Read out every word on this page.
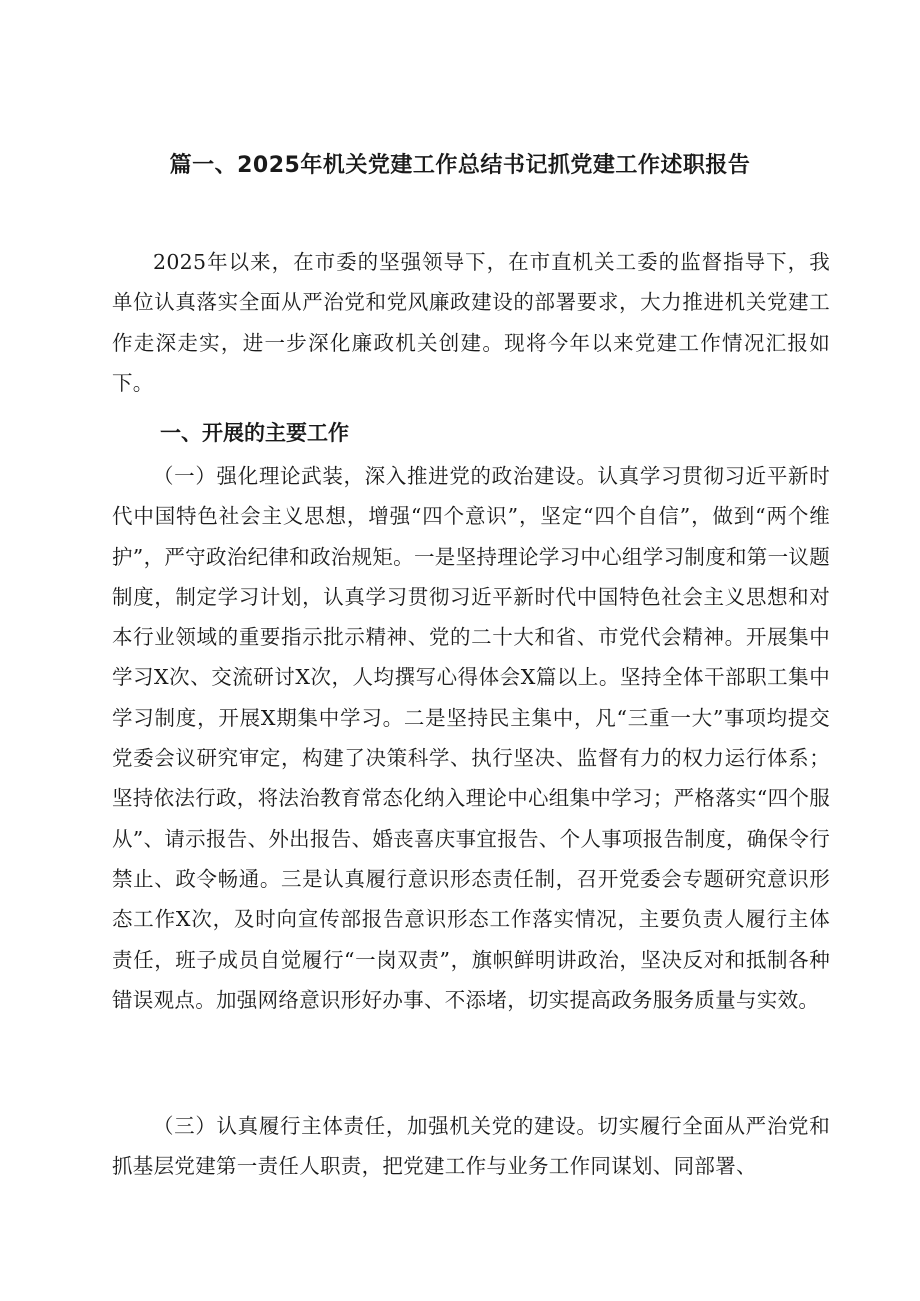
篇一、2025年机关党建工作总结书记抓党建工作述职报告

2025年以来，在市委的坚强领导下，在市直机关工委的监督指导下，我单位认真落实全面从严治党和党风廉政建设的部署要求，大力推进机关党建工作走深走实，进一步深化廉政机关创建。现将今年以来党建工作情况汇报如下。

一、开展的主要工作

（一）强化理论武装，深入推进党的政治建设。认真学习贯彻习近平新时代中国特色社会主义思想，增强“四个意识”，坚定“四个自信”，做到“两个维护”，严守政治纪律和政治规矩。一是坚持理论学习中心组学习制度和第一议题制度，制定学习计划，认真学习贯彻习近平新时代中国特色社会主义思想和对本行业领域的重要指示批示精神、党的二十大和省、市党代会精神。开展集中学习X次、交流研讨X次，人均撰写心得体会X篇以上。坚持全体干部职工集中学习制度，开展X期集中学习。二是坚持民主集中，凡“三重一大”事项均提交党委会议研究审定，构建了决策科学、执行坚决、监督有力的权力运行体系；坚持依法行政，将法治教育常态化纳入理论中心组集中学习；严格落实“四个服从”、请示报告、外出报告、婚丧喜庆事宜报告、个人事项报告制度，确保令行禁止、政令畅通。三是认真履行意识形态责任制，召开党委会专题研究意识形态工作X次，及时向宣传部报告意识形态工作落实情况，主要负责人履行主体责任，班子成员自觉履行“一岗双责”，旗帜鲜明讲政治，坚决反对和抵制各种错误观点。加强网络意识形好办事、不添堵，切实提高政务服务质量与实效。

（三）认真履行主体责任，加强机关党的建设。切实履行全面从严治党和抓基层党建第一责任人职责，把党建工作与业务工作同谋划、同部署、
